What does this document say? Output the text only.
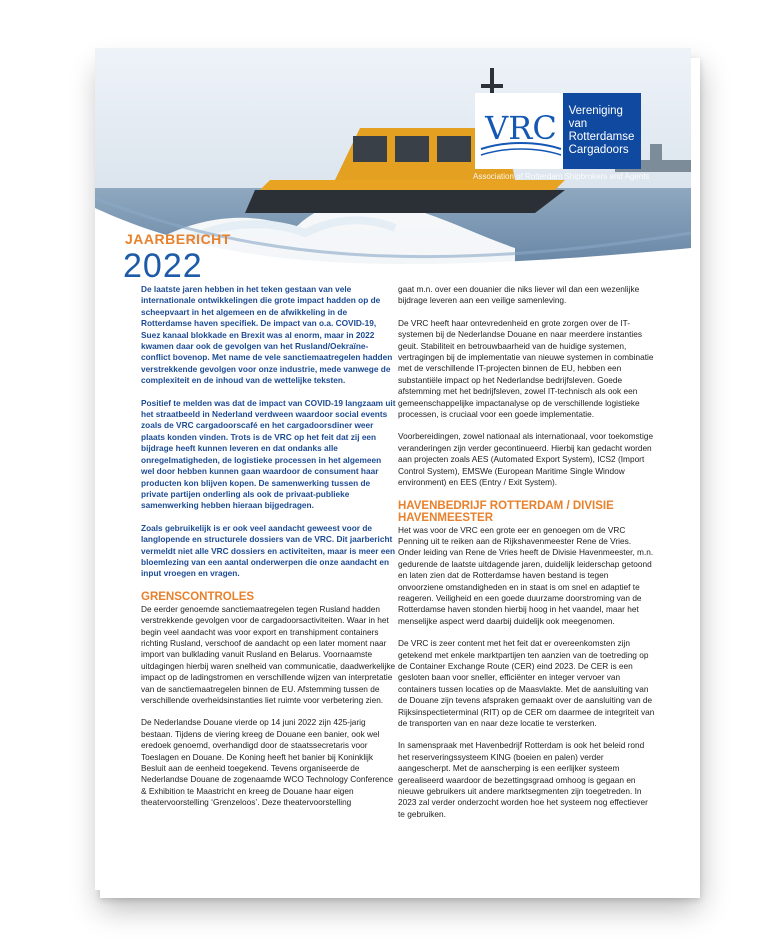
VRC Vereniging van
Rotterdamse
Cargadoors
Association of Rotterdam Shipbrokers and Agents
JAARBERICHT
2022

De laatste jaren hebben in het teken gestaan van vele internationale ontwikkelingen die grote impact hadden op de scheepvaart in het algemeen en de afwikkeling in de Rotterdamse haven specifiek. De impact van o.a. COVID-19, Suez kanaal blokkade en Brexit was al enorm, maar in 2022 kwamen daar ook de gevolgen van het Rusland/Oekraïne-conflict bovenop. Met name de vele sanctiemaatregelen hadden verstrekkende gevolgen voor onze industrie, mede vanwege de complexiteit en de inhoud van de wettelijke teksten.

Positief te melden was dat de impact van COVID-19 langzaam uit het straatbeeld in Nederland verdween waardoor social events zoals de VRC cargadoorscafé en het cargadoorsdiner weer plaats konden vinden. Trots is de VRC op het feit dat zij een bijdrage heeft kunnen leveren en dat ondanks alle onregelmatigheden, de logistieke processen in het algemeen wel door hebben kunnen gaan waardoor de consument haar producten kon blijven kopen. De samenwerking tussen de private partijen onderling als ook de privaat-publieke samenwerking hebben hieraan bijgedragen.

Zoals gebruikelijk is er ook veel aandacht geweest voor de langlopende en structurele dossiers van de VRC. Dit jaarbericht vermeldt niet alle VRC dossiers en activiteiten, maar is meer een bloemlezing van een aantal onderwerpen die onze aandacht en input vroegen en vragen.

GRENSCONTROLES

De eerder genoemde sanctiemaatregelen tegen Rusland hadden verstrekkende gevolgen voor de cargadoorsactiviteiten. Waar in het begin veel aandacht was voor export en transhipment containers richting Rusland, verschoof de aandacht op een later moment naar import van bulklading vanuit Rusland en Belarus. Voornaamste uitdagingen hierbij waren snelheid van communicatie, daadwerkelijke impact op de ladingstromen en verschillende wijzen van interpretatie van de sanctiemaatregelen binnen de EU. Afstemming tussen de verschillende overheidsinstanties liet ruimte voor verbetering zien.

De Nederlandse Douane vierde op 14 juni 2022 zijn 425-jarig bestaan. Tijdens de viering kreeg de Douane een banier, ook wel eredoek genoemd, overhandigd door de staatssecretaris voor Toeslagen en Douane. De Koning heeft het banier bij Koninklijk Besluit aan de eenheid toegekend. Tevens organiseerde de Nederlandse Douane de zogenaamde WCO Technology Conference & Exhibition te Maastricht en kreeg de Douane haar eigen theatervoorstelling ‘Grenzeloos’. Deze theatervoorstelling

gaat m.n. over een douanier die niks liever wil dan een wezenlijke bijdrage leveren aan een veilige samenleving.

De VRC heeft haar ontevredenheid en grote zorgen over de IT-systemen bij de Nederlandse Douane en naar meerdere instanties geuit. Stabiliteit en betrouwbaarheid van de huidige systemen, vertragingen bij de implementatie van nieuwe systemen in combinatie met de verschillende IT-projecten binnen de EU, hebben een substantiële impact op het Nederlandse bedrijfsleven. Goede afstemming met het bedrijfsleven, zowel IT-technisch als ook een gemeenschappelijke impactanalyse op de verschillende logistieke processen, is cruciaal voor een goede implementatie.

Voorbereidingen, zowel nationaal als internationaal, voor toekomstige veranderingen zijn verder gecontinueerd. Hierbij kan gedacht worden aan projecten zoals AES (Automated Export System), ICS2 (Import Control System), EMSWe (European Maritime Single Window environment) en EES (Entry / Exit System).

HAVENBEDRIJF ROTTERDAM / DIVISIE HAVENMEESTER

Het was voor de VRC een grote eer en genoegen om de VRC Penning uit te reiken aan de Rijkshavenmeester Rene de Vries. Onder leiding van Rene de Vries heeft de Divisie Havenmeester, m.n. gedurende de laatste uitdagende jaren, duidelijk leiderschap getoond en laten zien dat de Rotterdamse haven bestand is tegen onvoorziene omstandigheden en in staat is om snel en adaptief te reageren. Veiligheid en een goede duurzame doorstroming van de Rotterdamse haven stonden hierbij hoog in het vaandel, maar het menselijke aspect werd daarbij duidelijk ook meegenomen.

De VRC is zeer content met het feit dat er overeenkomsten zijn getekend met enkele marktpartijen ten aanzien van de toetreding op de Container Exchange Route (CER) eind 2023. De CER is een gesloten baan voor sneller, efficiënter en integer vervoer van containers tussen locaties op de Maasvlakte. Met de aansluiting van de Douane zijn tevens afspraken gemaakt over de aansluiting van de Rijksinspectieterminal (RIT) op de CER om daarmee de integriteit van de transporten van en naar deze locatie te versterken.

In samenspraak met Havenbedrijf Rotterdam is ook het beleid rond het reserveringssysteem KING (boeien en palen) verder aangescherpt. Met de aanscherping is een eerlijker systeem gerealiseerd waardoor de bezettingsgraad omhoog is gegaan en nieuwe gebruikers uit andere marktsegmenten zijn toegetreden. In 2023 zal verder onderzocht worden hoe het systeem nog effectiever te gebruiken.
